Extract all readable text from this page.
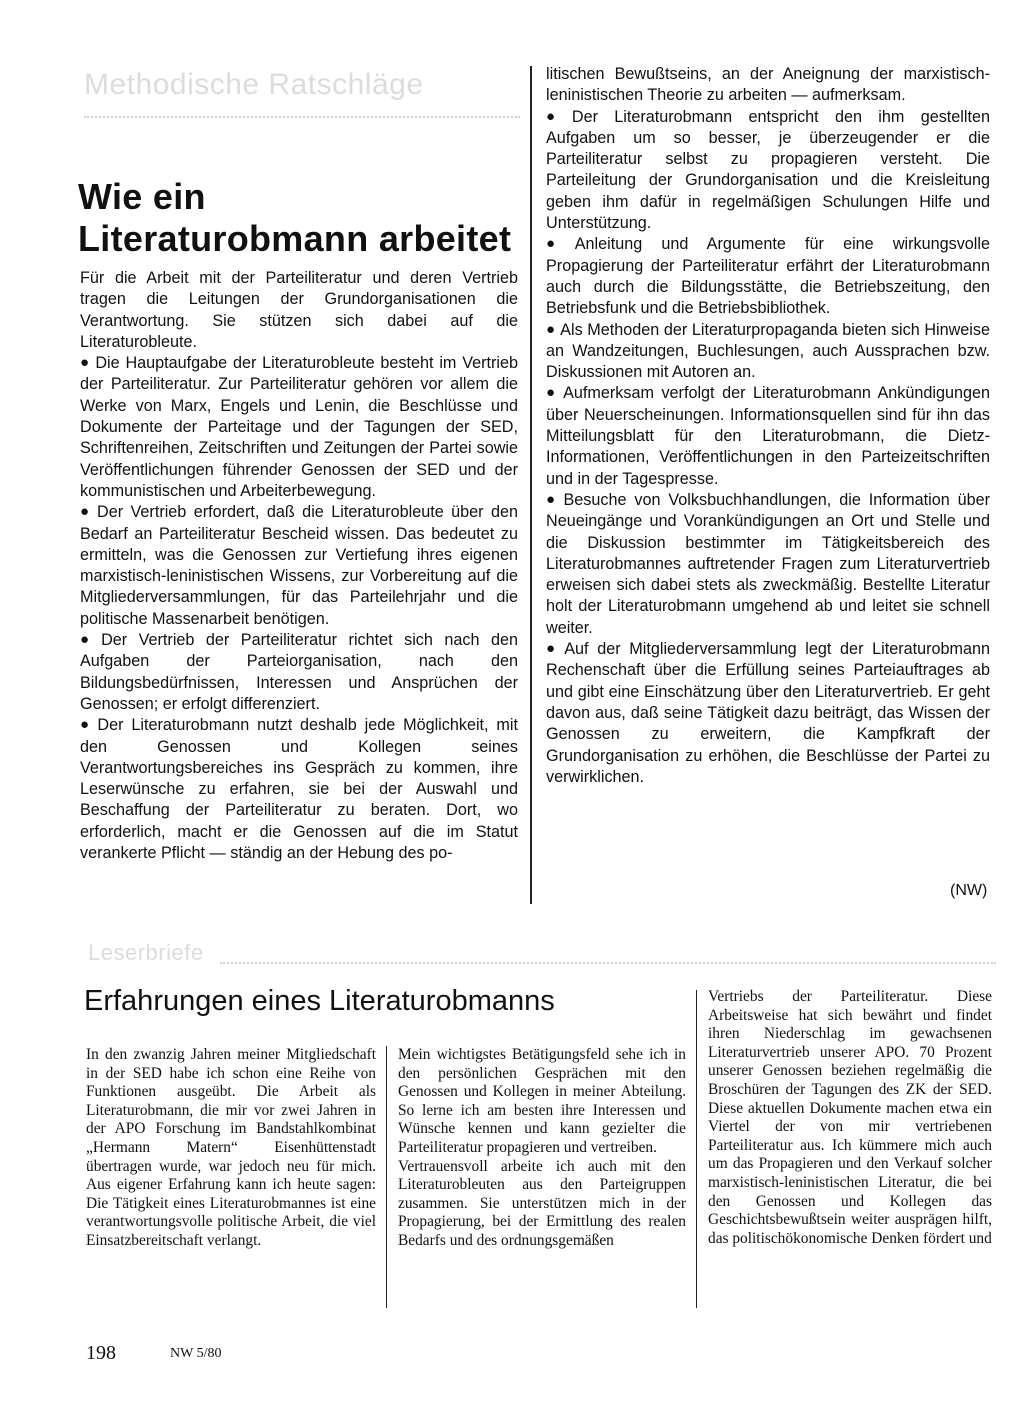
Methodische Ratschläge
Wie ein
Literaturobmann arbeitet

Für die Arbeit mit der Parteiliteratur und deren Vertrieb tragen die Leitungen der Grundorganisationen die Verantwortung. Sie stützen sich dabei auf die Literaturobleute.

● Die Hauptaufgabe der Literaturobleute besteht im Vertrieb der Parteiliteratur. Zur Parteiliteratur gehören vor allem die Werke von Marx, Engels und Lenin, die Beschlüsse und Dokumente der Parteitage und der Tagungen der SED, Schriftenreihen, Zeitschriften und Zeitungen der Partei sowie Veröffentlichungen führender Genossen der SED und der kommunistischen und Arbeiterbewegung.

● Der Vertrieb erfordert, daß die Literaturobleute über den Bedarf an Parteiliteratur Bescheid wissen. Das bedeutet zu ermitteln, was die Genossen zur Vertiefung ihres eigenen marxistisch-leninistischen Wissens, zur Vorbereitung auf die Mitgliederversammlungen, für das Parteilehrjahr und die politische Massenarbeit benötigen.

● Der Vertrieb der Parteiliteratur richtet sich nach den Aufgaben der Parteiorganisation, nach den Bildungsbedürfnissen, Interessen und Ansprüchen der Genossen; er erfolgt differenziert.

● Der Literaturobmann nutzt deshalb jede Möglichkeit, mit den Genossen und Kollegen seines Verantwortungsbereiches ins Gespräch zu kommen, ihre Leserwünsche zu erfahren, sie bei der Auswahl und Beschaffung der Parteiliteratur zu beraten. Dort, wo erforderlich, macht er die Genossen auf die im Statut verankerte Pflicht — ständig an der Hebung des po-

litischen Bewußtseins, an der Aneignung der marxistisch-leninistischen Theorie zu arbeiten — aufmerksam.

● Der Literaturobmann entspricht den ihm gestellten Aufgaben um so besser, je überzeugender er die Parteiliteratur selbst zu propagieren versteht. Die Parteileitung der Grundorganisation und die Kreisleitung geben ihm dafür in regelmäßigen Schulungen Hilfe und Unterstützung.

● Anleitung und Argumente für eine wirkungsvolle Propagierung der Parteiliteratur erfährt der Literaturobmann auch durch die Bildungsstätte, die Betriebszeitung, den Betriebsfunk und die Betriebsbibliothek.

● Als Methoden der Literaturpropaganda bieten sich Hinweise an Wandzeitungen, Buchlesungen, auch Aussprachen bzw. Diskussionen mit Autoren an.

● Aufmerksam verfolgt der Literaturobmann Ankündigungen über Neuerscheinungen. Informationsquellen sind für ihn das Mitteilungsblatt für den Literaturobmann, die Dietz-Informationen, Veröffentlichungen in den Parteizeitschriften und in der Tagespresse.

● Besuche von Volksbuchhandlungen, die Information über Neueingänge und Vorankündigungen an Ort und Stelle und die Diskussion bestimmter im Tätigkeitsbereich des Literaturobmannes auftretender Fragen zum Literaturvertrieb erweisen sich dabei stets als zweckmäßig. Bestellte Literatur holt der Literaturobmann umgehend ab und leitet sie schnell weiter.

● Auf der Mitgliederversammlung legt der Literaturobmann Rechenschaft über die Erfüllung seines Parteiauftrages ab und gibt eine Einschätzung über den Literaturvertrieb. Er geht davon aus, daß seine Tätigkeit dazu beiträgt, das Wissen der Genossen zu erweitern, die Kampfkraft der Grundorganisation zu erhöhen, die Beschlüsse der Partei zu verwirklichen.

(NW)
Leserbriefe
Erfahrungen eines Literaturobmanns

In den zwanzig Jahren meiner Mitgliedschaft in der SED habe ich schon eine Reihe von Funktionen ausgeübt. Die Arbeit als Literaturobmann, die mir vor zwei Jahren in der APO Forschung im Bandstahlkombinat „Hermann Matern“ Eisenhüttenstadt übertragen wurde, war jedoch neu für mich. Aus eigener Erfahrung kann ich heute sagen: Die Tätigkeit eines Literaturobmannes ist eine verantwortungsvolle politische Arbeit, die viel Einsatzbereitschaft verlangt.

Mein wichtigstes Betätigungsfeld sehe ich in den persönlichen Gesprächen mit den Genossen und Kollegen in meiner Abteilung. So lerne ich am besten ihre Interessen und Wünsche kennen und kann gezielter die Parteiliteratur propagieren und vertreiben.

Vertrauensvoll arbeite ich auch mit den Literaturobleuten aus den Parteigruppen zusammen. Sie unterstützen mich in der Propagierung, bei der Ermittlung des realen Bedarfs und des ordnungsgemäßen

Vertriebs der Parteiliteratur. Diese Arbeitsweise hat sich bewährt und findet ihren Niederschlag im gewachsenen Literaturvertrieb unserer APO. 70 Prozent unserer Genossen beziehen regelmäßig die Broschüren der Tagungen des ZK der SED. Diese aktuellen Dokumente machen etwa ein Viertel der von mir vertriebenen Parteiliteratur aus. Ich kümmere mich auch um das Propagieren und den Verkauf solcher marxistisch-leninistischen Literatur, die bei den Genossen und Kollegen das Geschichtsbewußtsein weiter ausprägen hilft, das politischökonomische Denken fördert und

198	NW 5/80
